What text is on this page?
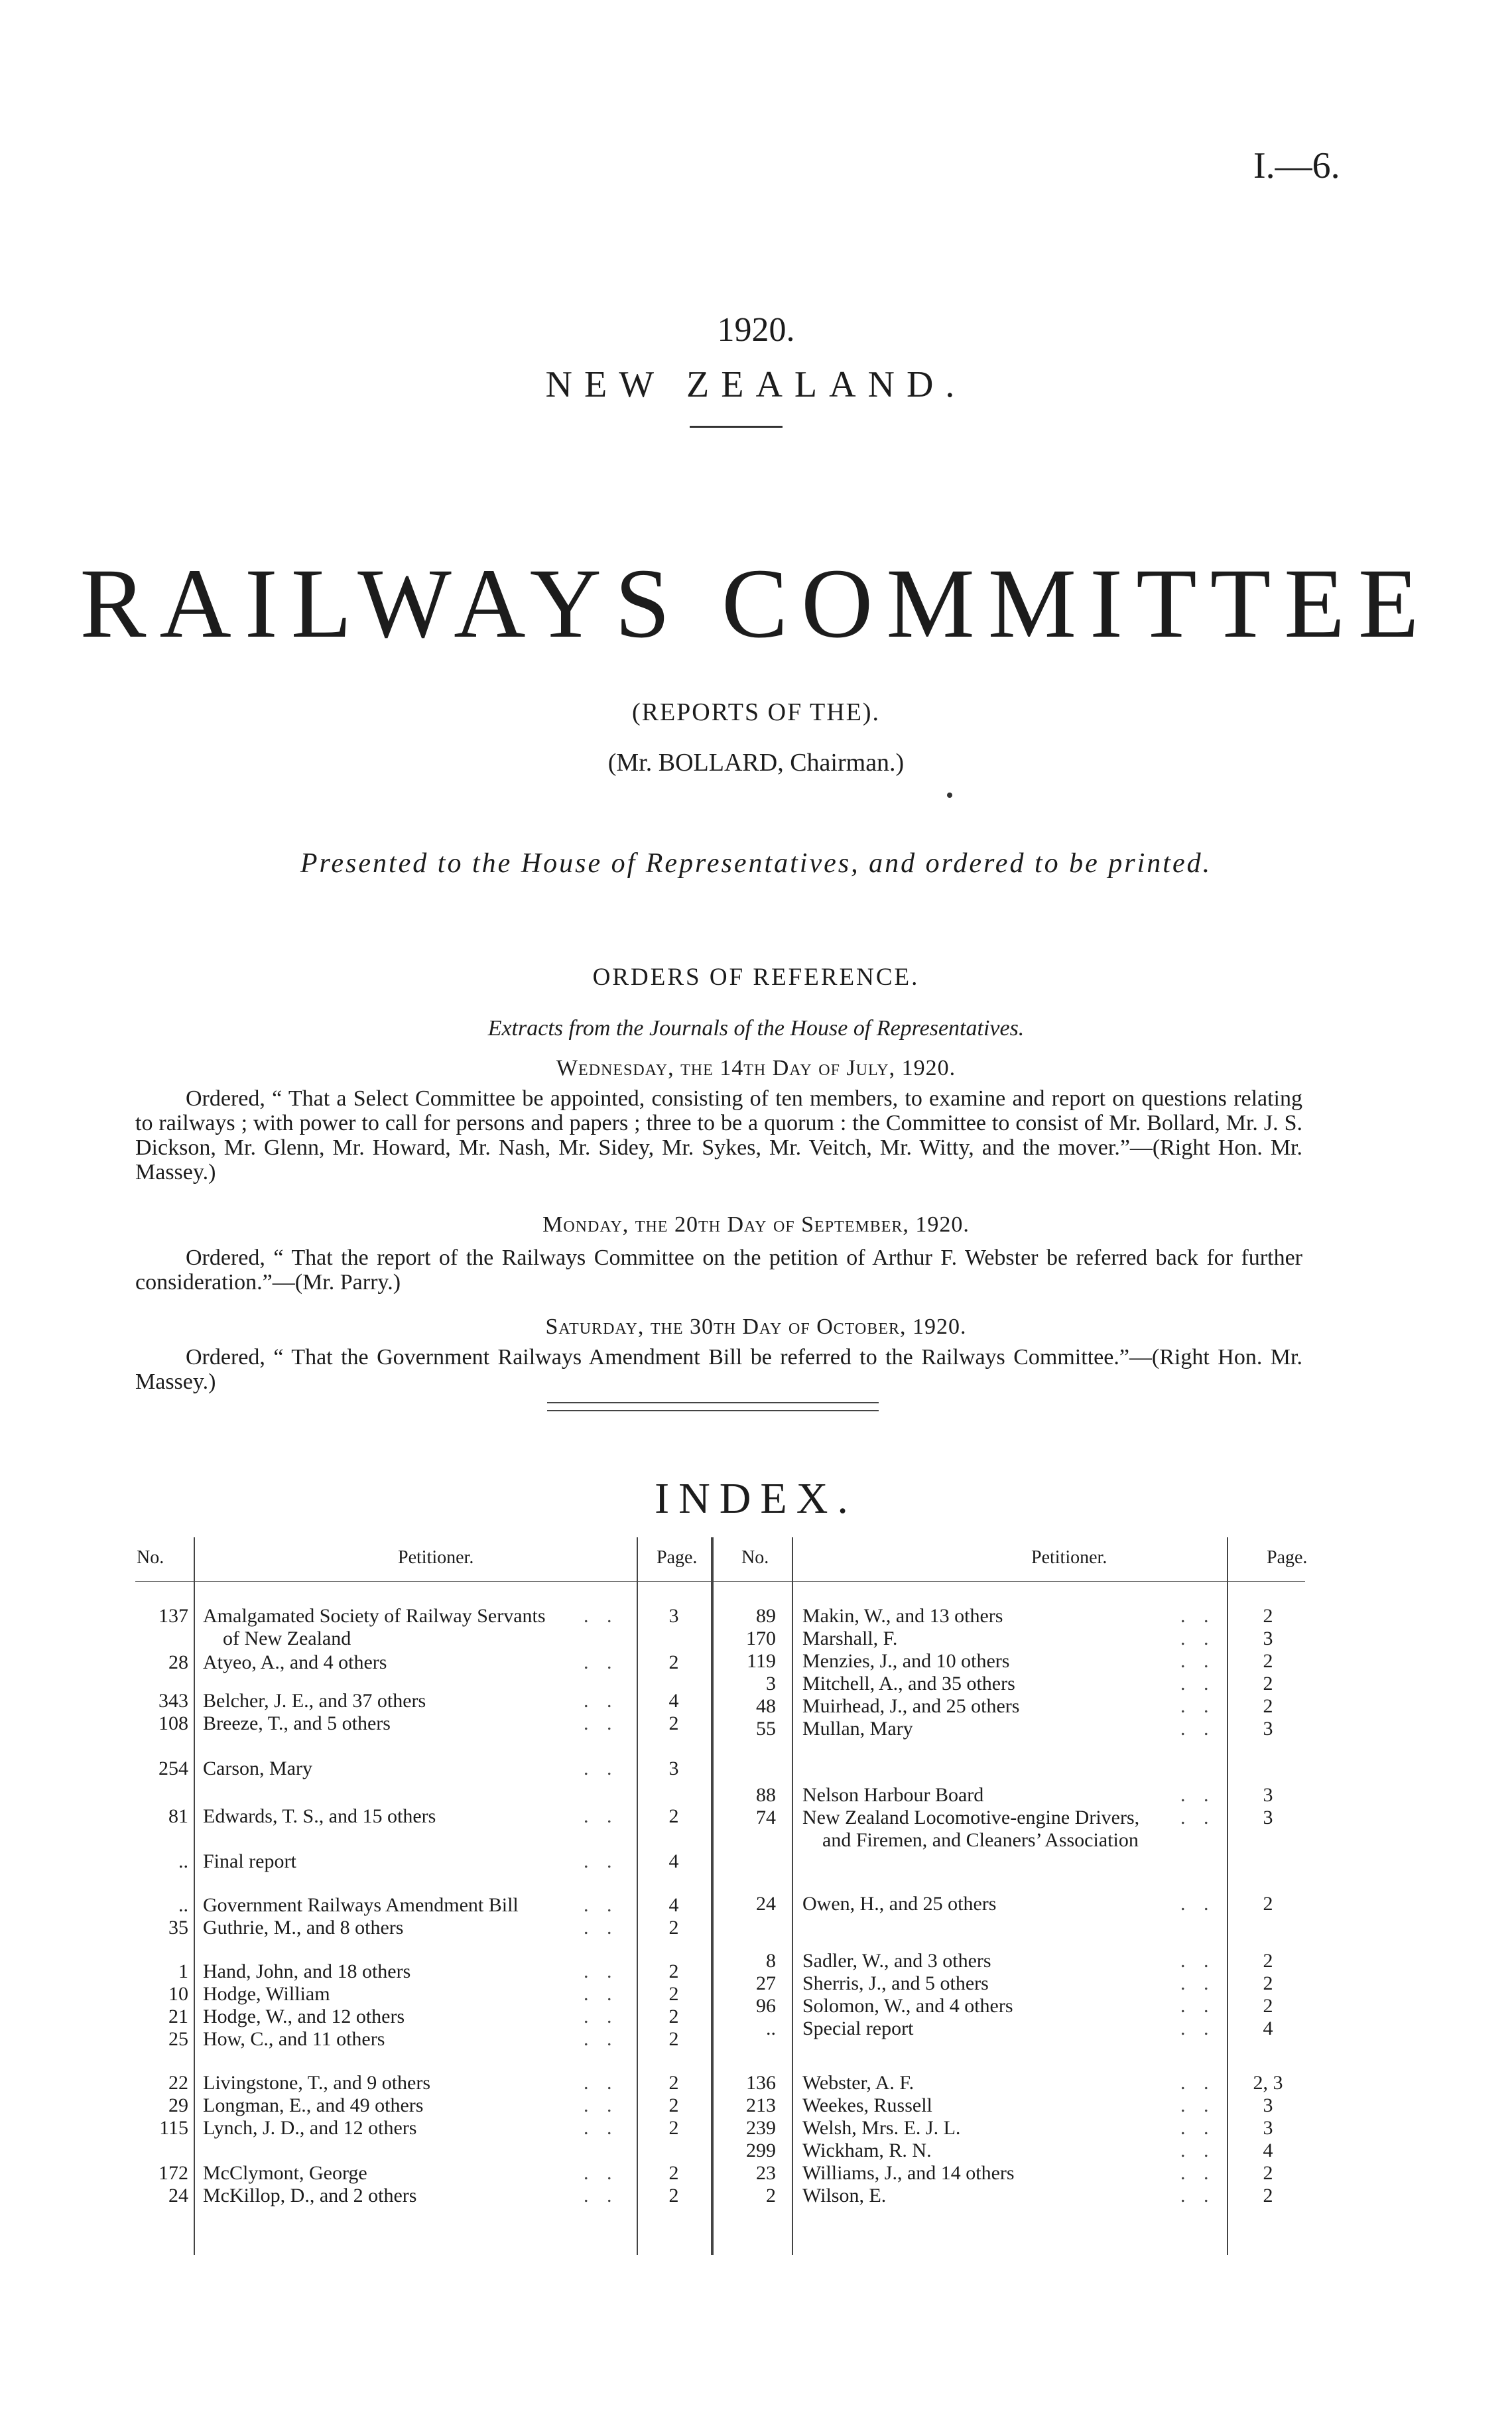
I.—6.
1920.
NEW ZEALAND.
RAILWAYS COMMITTEE
(REPORTS OF THE).
(Mr. BOLLARD, Chairman.)
Presented to the House of Representatives, and ordered to be printed.
ORDERS OF REFERENCE.
Extracts from the Journals of the House of Representatives.
Wednesday, the 14th Day of July, 1920.
Ordered, “ That a Select Committee be appointed, consisting of ten members, to examine and report on questions relating to railways ; with power to call for persons and papers ; three to be a quorum : the Committee to consist of Mr. Bollard, Mr. J. S. Dickson, Mr. Glenn, Mr. Howard, Mr. Nash, Mr. Sidey, Mr. Sykes, Mr. Veitch, Mr. Witty, and the mover.”—(Right Hon. Mr. Massey.)
Monday, the 20th Day of September, 1920.
Ordered, “ That the report of the Railways Committee on the petition of Arthur F. Webster be referred back for further consideration.”—(Mr. Parry.)
Saturday, the 30th Day of October, 1920.
Ordered, “ That the Government Railways Amendment Bill be referred to the Railways Committee.”—(Right Hon. Mr. Massey.)
INDEX.
No.	Petitioner.	Page. No.	Petitioner.	Page.
137 Amalgamated Society of Railway Servants	. .	3
of New Zealand
28 Atyeo, A., and 4 others	. .	2
343 Belcher, J. E., and 37 others	. .	4
108 Breeze, T., and 5 others	. .	2
254 Carson, Mary	. .	3
81 Edwards, T. S., and 15 others	. .	2
.. Final report	. .	4
.. Government Railways Amendment Bill	. .	4
35 Guthrie, M., and 8 others	. .	2
1 Hand, John, and 18 others	. .	2
10 Hodge, William	. .	2
21 Hodge, W., and 12 others	. .	2
25 How, C., and 11 others	. .	2
22 Livingstone, T., and 9 others	. .	2
29 Longman, E., and 49 others	. .	2
115 Lynch, J. D., and 12 others	. .	2
172 McClymont, George	. .	2
24 McKillop, D., and 2 others	. .	2
89 Makin, W., and 13 others	. .	2
170 Marshall, F.	. .	3
119 Menzies, J., and 10 others	. .	2
3 Mitchell, A., and 35 others	. .	2
48 Muirhead, J., and 25 others	. .	2
55 Mullan, Mary	. .	3
88 Nelson Harbour Board	. .	3
74 New Zealand Locomotive-engine Drivers,	. .	3
and Firemen, and Cleaners’ Association
24 Owen, H., and 25 others	. .	2
8 Sadler, W., and 3 others	. .	2
27 Sherris, J., and 5 others	. .	2
96 Solomon, W., and 4 others	. .	2
.. Special report	. .	4
136 Webster, A. F.	. .	2, 3
213 Weekes, Russell	. .	3
239 Welsh, Mrs. E. J. L.	. .	3
299 Wickham, R. N.	. .	4
23 Williams, J., and 14 others	. .	2
2 Wilson, E.	. .	2
